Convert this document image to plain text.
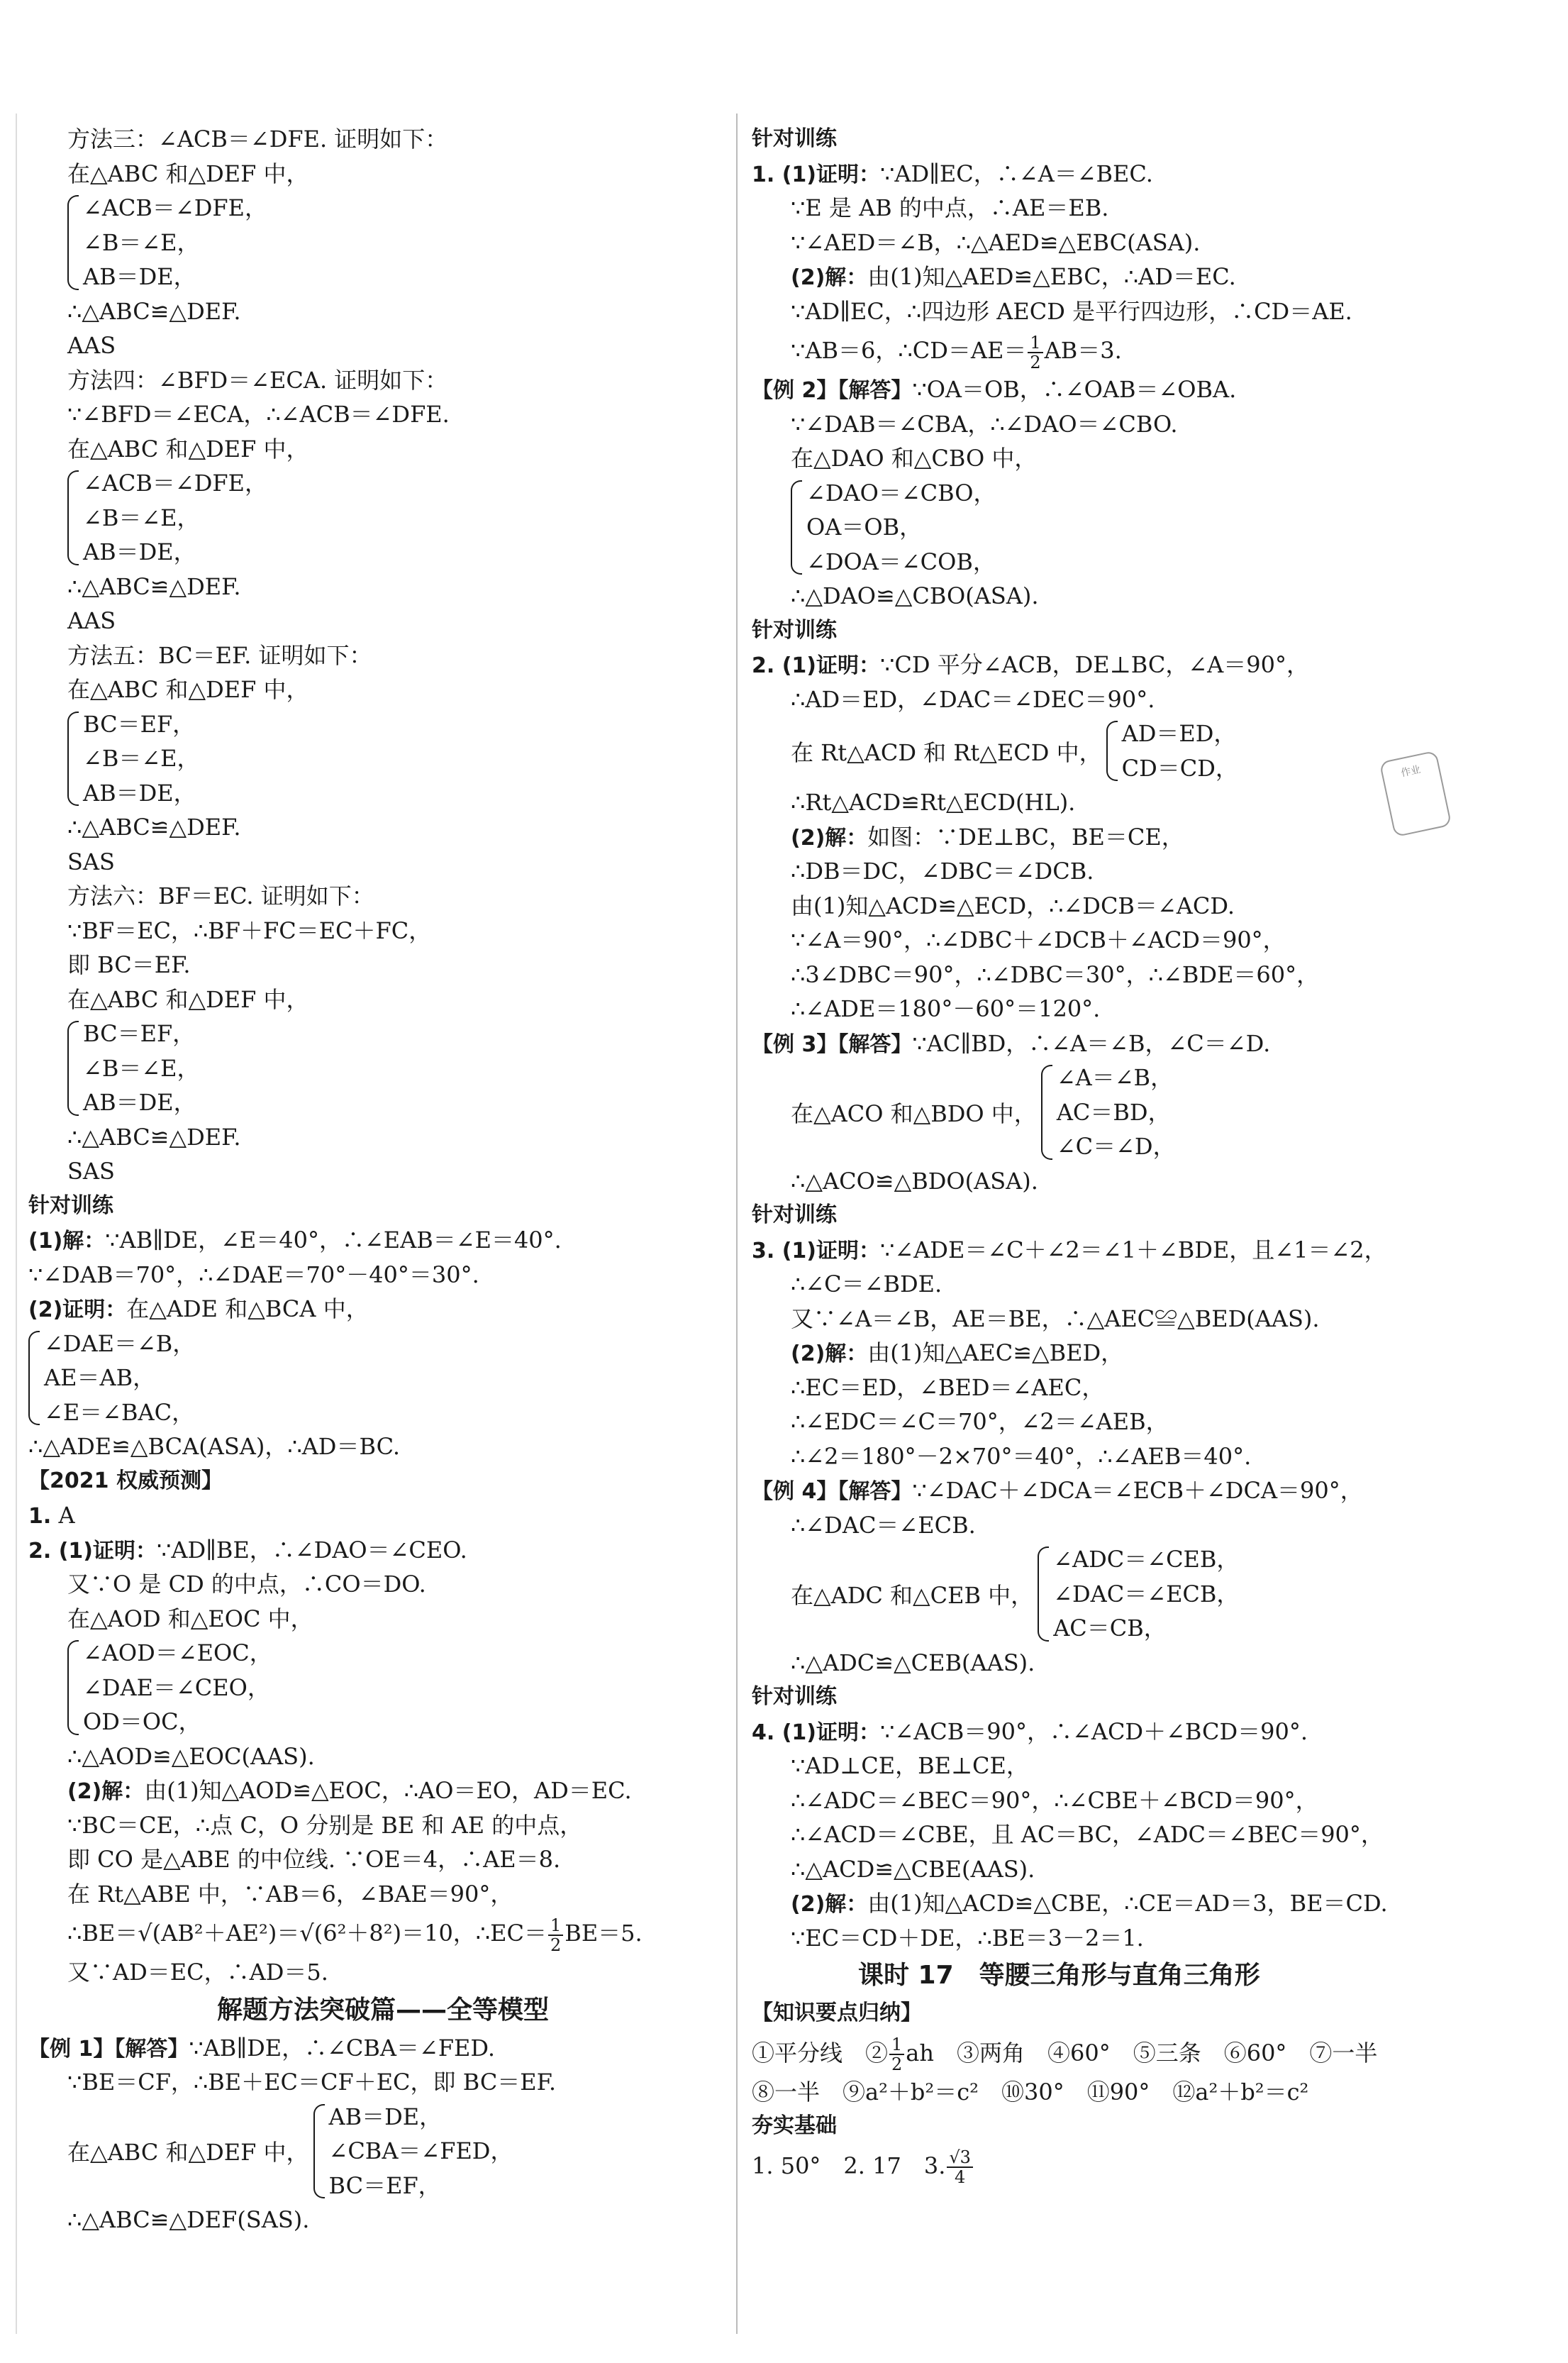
方法三：∠ACB＝∠DFE. 证明如下：
在△ABC 和△DEF 中，
∠ACB＝∠DFE，
∠B＝∠E，
AB＝DE，
∴△ABC≌△DEF.
AAS
方法四：∠BFD＝∠ECA. 证明如下：
∵∠BFD＝∠ECA，∴∠ACB＝∠DFE.
在△ABC 和△DEF 中，
∠ACB＝∠DFE，
∠B＝∠E，
AB＝DE，
∴△ABC≌△DEF.
AAS
方法五：BC＝EF. 证明如下：
在△ABC 和△DEF 中，
BC＝EF，
∠B＝∠E，
AB＝DE，
∴△ABC≌△DEF.
SAS
方法六：BF＝EC. 证明如下：
∵BF＝EC，∴BF＋FC＝EC＋FC，
即 BC＝EF.
在△ABC 和△DEF 中，
BC＝EF，
∠B＝∠E，
AB＝DE，
∴△ABC≌△DEF.
SAS
针对训练
(1)解：∵AB∥DE，∠E＝40°，∴∠EAB＝∠E＝40°.
∵∠DAB＝70°，∴∠DAE＝70°－40°＝30°.
(2)证明：在△ADE 和△BCA 中，
∠DAE＝∠B，
AE＝AB，
∠E＝∠BAC，
∴△ADE≌△BCA(ASA)，∴AD＝BC.
【2021 权威预测】
1. A
2. (1)证明：∵AD∥BE，∴∠DAO＝∠CEO.
又∵O 是 CD 的中点，∴CO＝DO.
在△AOD 和△EOC 中，
∠AOD＝∠EOC，
∠DAE＝∠CEO，
OD＝OC，
∴△AOD≌△EOC(AAS).
(2)解：由(1)知△AOD≌△EOC，∴AO＝EO，AD＝EC.
∵BC＝CE，∴点 C，O 分别是 BE 和 AE 的中点，
即 CO 是△ABE 的中位线. ∵OE＝4，∴AE＝8.
在 Rt△ABE 中，∵AB＝6，∠BAE＝90°，
∴BE＝√(AB²＋AE²)＝√(6²＋8²)＝10，∴EC＝ $\frac{1}{2} BE=5$.
又∵AD＝EC，∴AD＝5.
解题方法突破篇——全等模型
【例 1】【解答】∵AB∥DE，∴∠CBA＝∠FED.
∵BE＝CF，∴BE＋EC＝CF＋EC，即 BC＝EF.
在△ABC 和△DEF 中，
AB＝DE，
∠CBA＝∠FED，
BC＝EF，
∴△ABC≌△DEF(SAS).
针对训练
1. (1)证明：∵AD∥EC，∴∠A＝∠BEC.
∵E 是 AB 的中点，∴AE＝EB.
∵∠AED＝∠B，∴△AED≌△EBC(ASA).
(2)解：由(1)知△AED≌△EBC，∴AD＝EC.
∵AD∥EC，∴四边形 AECD 是平行四边形，∴CD＝AE.
∵AB＝6，∴CD＝AE＝ $\frac{1}{2} AB=3$.
【例 2】【解答】∵OA＝OB，∴∠OAB＝∠OBA.
∵∠DAB＝∠CBA，∴∠DAO＝∠CBO.
在△DAO 和△CBO 中，
∠DAO＝∠CBO，
OA＝OB，
∠DOA＝∠COB，
∴△DAO≌△CBO(ASA).
针对训练
2. (1)证明：∵CD 平分∠ACB，DE⊥BC，∠A＝90°，
∴AD＝ED，∠DAC＝∠DEC＝90°.
在 Rt△ACD 和 Rt△ECD 中，
AD＝ED，
CD＝CD，
∴Rt△ACD≌Rt△ECD(HL).
(2)解：如图：∵DE⊥BC，BE＝CE，
∴DB＝DC，∠DBC＝∠DCB.
由(1)知△ACD≌△ECD，∴∠DCB＝∠ACD.
∵∠A＝90°，∴∠DBC＋∠DCB＋∠ACD＝90°，
∴3∠DBC＝90°，∴∠DBC＝30°，∴∠BDE＝60°，
∴∠ADE＝180°－60°＝120°.
【例 3】【解答】∵AC∥BD，∴∠A＝∠B，∠C＝∠D.
在△ACO 和△BDO 中，
∠A＝∠B，
AC＝BD，
∠C＝∠D，
∴△ACO≌△BDO(ASA).
针对训练
3. (1)证明：∵∠ADE＝∠C＋∠2＝∠1＋∠BDE，且∠1＝∠2，
∴∠C＝∠BDE.
又∵∠A＝∠B，AE＝BE，∴△AEC≌△BED(AAS).
(2)解：由(1)知△AEC≌△BED，
∴EC＝ED，∠BED＝∠AEC，
∴∠EDC＝∠C＝70°，∠2＝∠AEB，
∴∠2＝180°－2×70°＝40°，∴∠AEB＝40°.
【例 4】【解答】∵∠DAC＋∠DCA＝∠ECB＋∠DCA＝90°，
∴∠DAC＝∠ECB.
在△ADC 和△CEB 中，
∠ADC＝∠CEB，
∠DAC＝∠ECB，
AC＝CB，
∴△ADC≌△CEB(AAS).
针对训练
4. (1)证明：∵∠ACB＝90°，∴∠ACD＋∠BCD＝90°.
∵AD⊥CE，BE⊥CE，
∴∠ADC＝∠BEC＝90°，∴∠CBE＋∠BCD＝90°，
∴∠ACD＝∠CBE，且 AC＝BC，∠ADC＝∠BEC＝90°，
∴△ACD≌△CBE(AAS).
(2)解：由(1)知△ACD≌△CBE，∴CE＝AD＝3，BE＝CD.
∵EC＝CD＋DE，∴BE＝3－2＝1.
课时 17　等腰三角形与直角三角形
【知识要点归纳】
①平分线　② $\frac{1}{2}$ ah　③两角　④60°　⑤三条　⑥60°　⑦一半
⑧一半　⑨a²＋b²＝c²　⑩30°　⑪90°　⑫a²＋b²＝c²
夯实基础
1. 50°　2. 17　3. $\frac{√3}{4}$
作业
